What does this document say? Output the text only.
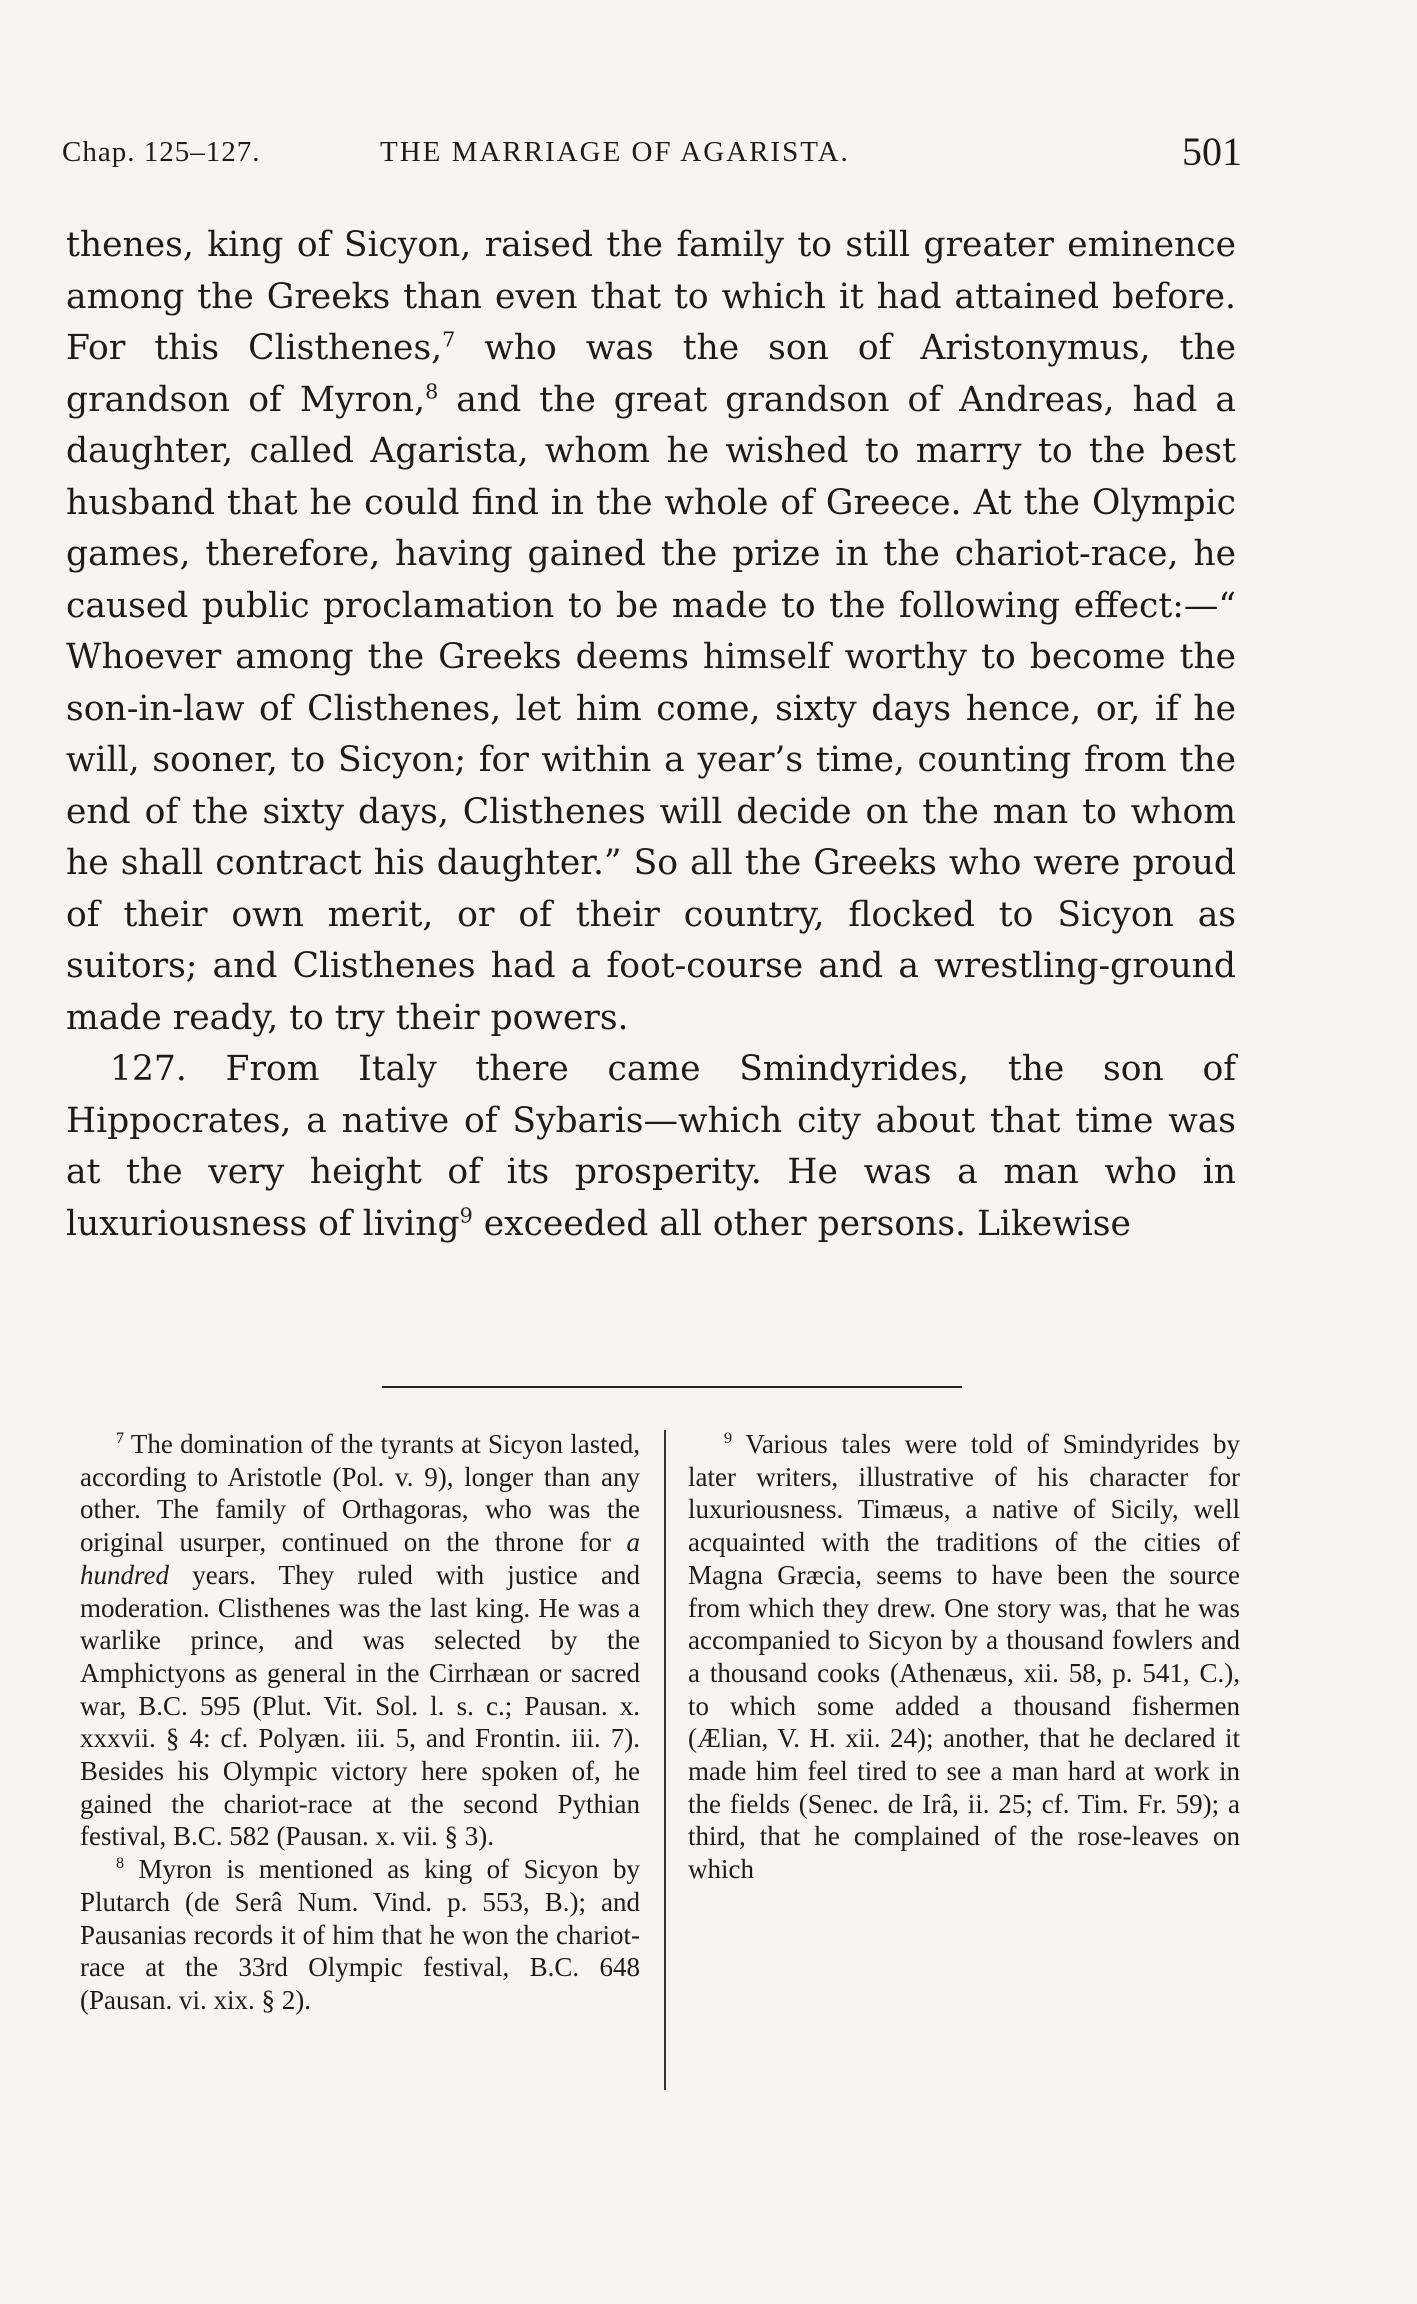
Chap. 125–127.	THE MARRIAGE OF AGARISTA.	501

thenes, king of Sicyon, raised the family to still greater eminence among the Greeks than even that to which it had attained before. For this Clisthenes,$^7$ who was the son of Aristonymus, the grandson of Myron,$^8$ and the great grandson of Andreas, had a daughter, called Agarista, whom he wished to marry to the best husband that he could find in the whole of Greece. At the Olympic games, therefore, having gained the prize in the chariot-race, he caused public proclamation to be made to the following effect:—“ Whoever among the Greeks deems himself worthy to become the son-in-law of Clisthenes, let him come, sixty days hence, or, if he will, sooner, to Sicyon; for within a year’s time, counting from the end of the sixty days, Clisthenes will decide on the man to whom he shall contract his daughter.” So all the Greeks who were proud of their own merit, or of their country, flocked to Sicyon as suitors; and Clisthenes had a foot-course and a wrestling-ground made ready, to try their powers.

127. From Italy there came Smindyrides, the son of Hippocrates, a native of Sybaris—which city about that time was at the very height of its prosperity. He was a man who in luxuriousness of living$^9$ exceeded all other persons. Likewise

$^7$ The domination of the tyrants at Sicyon lasted, according to Aristotle (Pol. v. 9), longer than any other. The family of Orthagoras, who was the original usurper, continued on the throne for a hundred years. They ruled with justice and moderation. Clisthenes was the last king. He was a warlike prince, and was selected by the Amphictyons as general in the Cirrhæan or sacred war, B.C. 595 (Plut. Vit. Sol. l. s. c.; Pausan. x. xxxvii. § 4: cf. Polyæn. iii. 5, and Frontin. iii. 7). Besides his Olympic victory here spoken of, he gained the chariot-race at the second Pythian festival, B.C. 582 (Pausan. x. vii. § 3).

$^8$ Myron is mentioned as king of Sicyon by Plutarch (de Serâ Num. Vind. p. 553, B.); and Pausanias records it of him that he won the chariot-race at the 33rd Olympic festival, B.C. 648 (Pausan. vi. xix. § 2).

$^9$ Various tales were told of Smindyrides by later writers, illustrative of his character for luxuriousness. Timæus, a native of Sicily, well acquainted with the traditions of the cities of Magna Græcia, seems to have been the source from which they drew. One story was, that he was accompanied to Sicyon by a thousand fowlers and a thousand cooks (Athenæus, xii. 58, p. 541, C.), to which some added a thousand fishermen (Ælian, V. H. xii. 24); another, that he declared it made him feel tired to see a man hard at work in the fields (Senec. de Irâ, ii. 25; cf. Tim. Fr. 59); a third, that he complained of the rose-leaves on which
